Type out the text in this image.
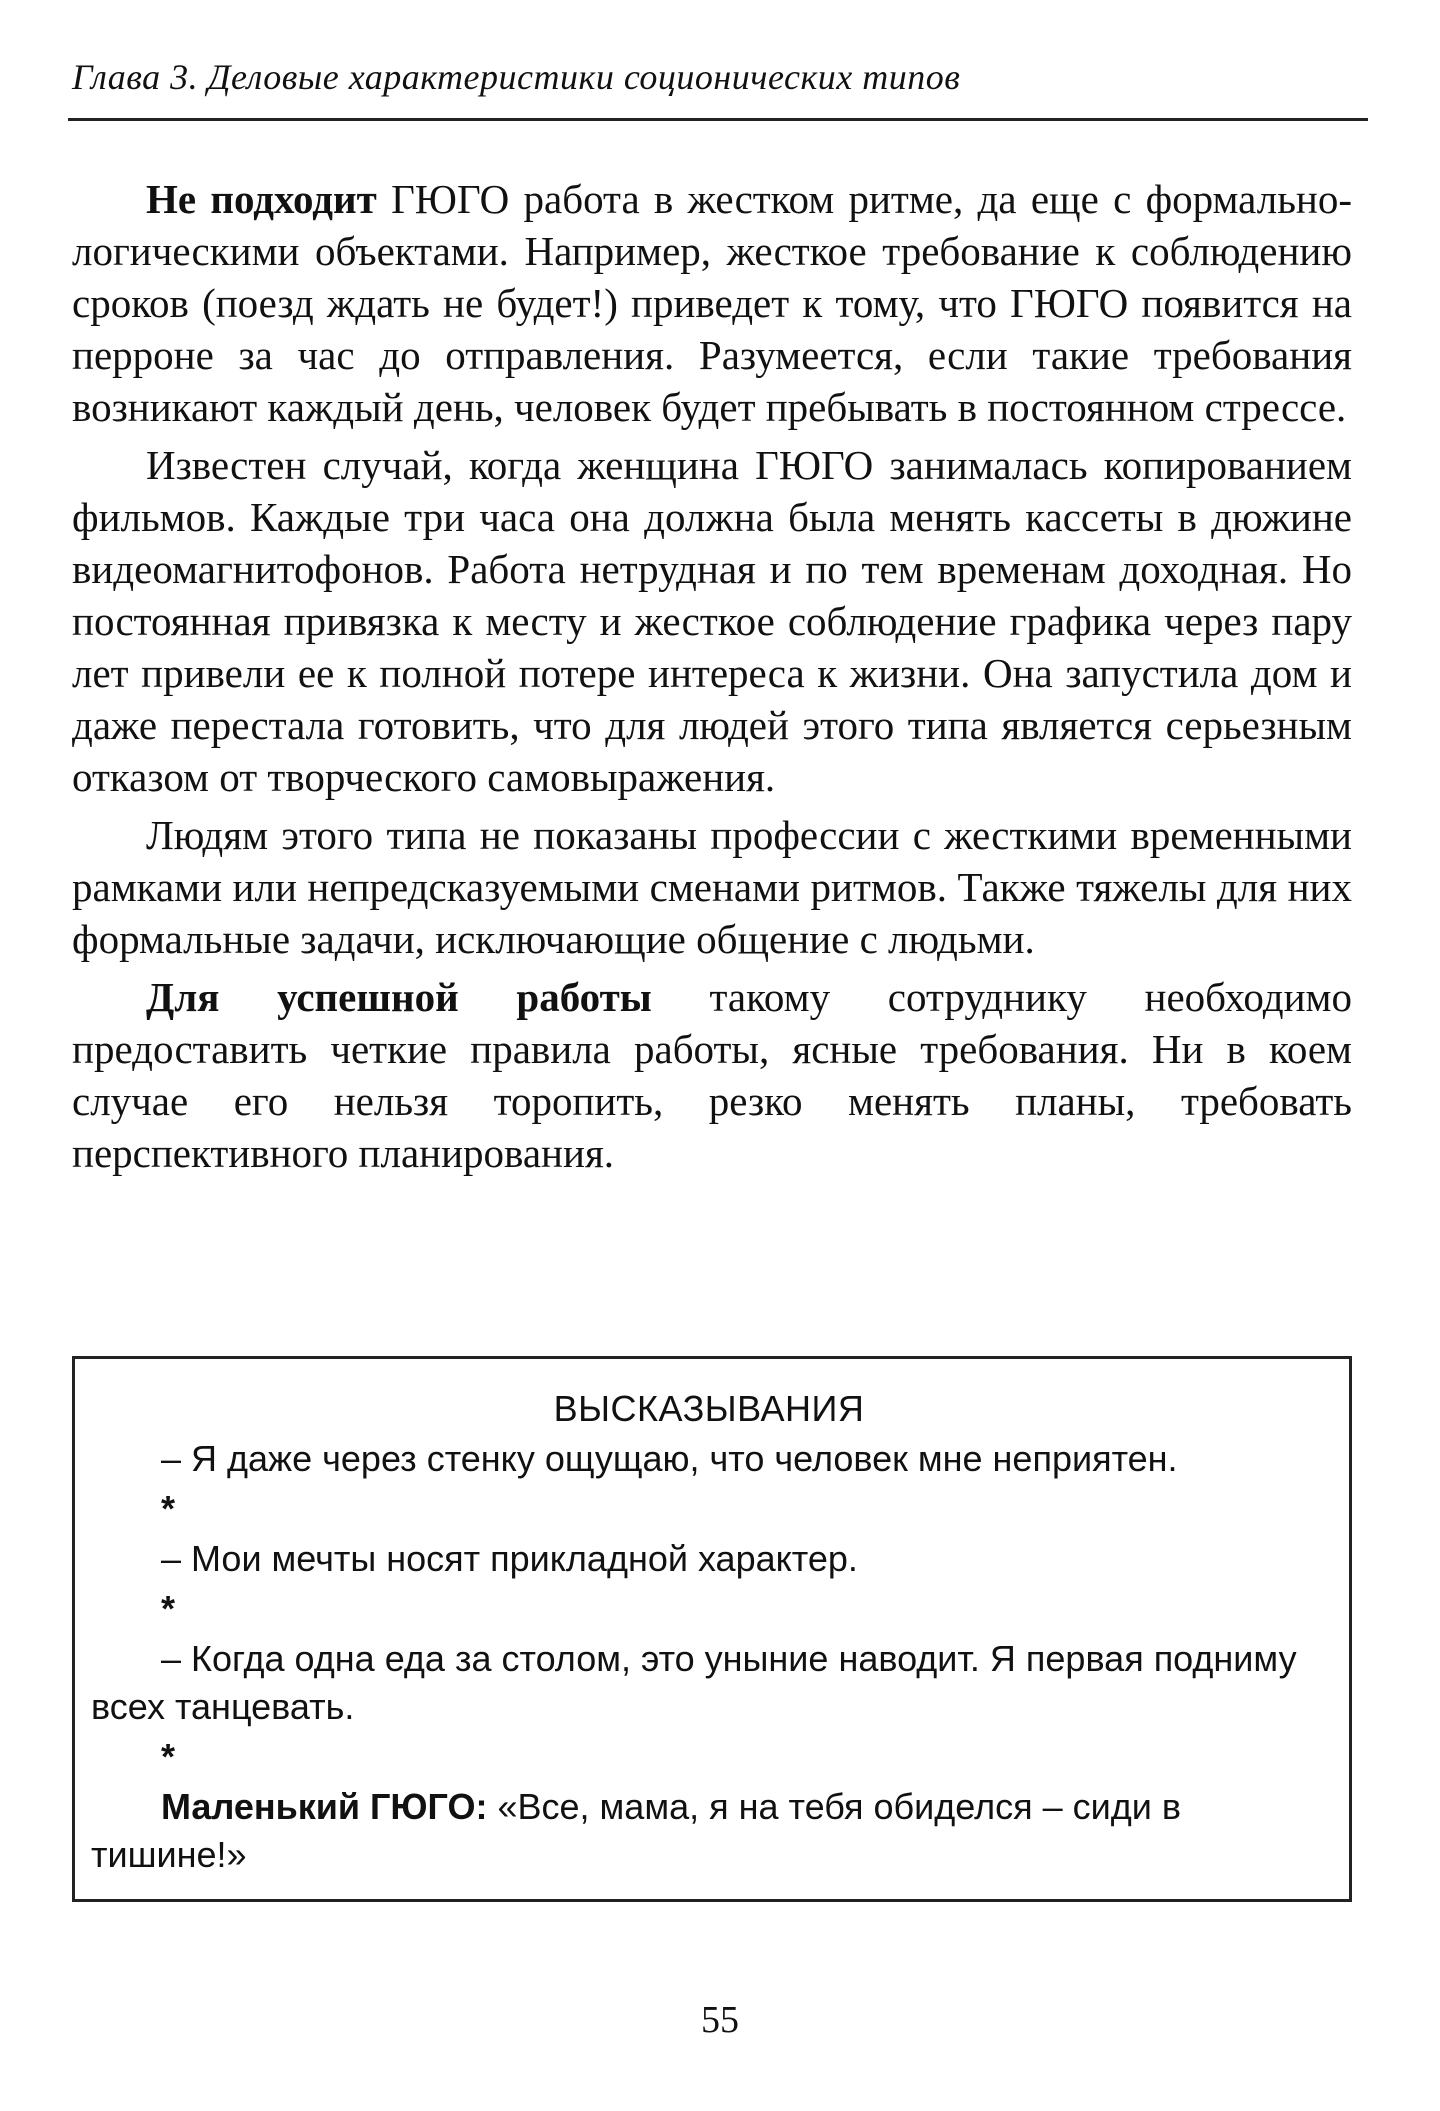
Глава 3. Деловые характеристики соционических типов

Не подходит ГЮГО работа в жестком ритме, да еще с формально-логическими объектами. Например, жесткое требование к соблюдению сроков (поезд ждать не будет!) приведет к тому, что ГЮГО появится на перроне за час до отправления. Разумеется, если такие требования возникают каждый день, человек будет пребывать в постоянном стрессе.

Известен случай, когда женщина ГЮГО занималась копированием фильмов. Каждые три часа она должна была менять кассеты в дюжине видеомагнитофонов. Работа нетрудная и по тем временам доходная. Но постоянная привязка к месту и жесткое соблюдение графика через пару лет привели ее к полной потере интереса к жизни. Она запустила дом и даже перестала готовить, что для людей этого типа является серьезным отказом от творческого самовыражения.

Людям этого типа не показаны профессии с жесткими временными рамками или непредсказуемыми сменами ритмов. Также тяжелы для них формальные задачи, исключающие общение с людьми.

Для успешной работы такому сотруднику необходимо предоставить четкие правила работы, ясные требования. Ни в коем случае его нельзя торопить, резко менять планы, требовать перспективного планирования.

ВЫСКАЗЫВАНИЯ

– Я даже через стенку ощущаю, что человек мне неприятен.

*

– Мои мечты носят прикладной характер.

*

– Когда одна еда за столом, это уныние наводит. Я первая подниму всех танцевать.

*

Маленький ГЮГО: «Все, мама, я на тебя обиделся – сиди в тишине!»

55
